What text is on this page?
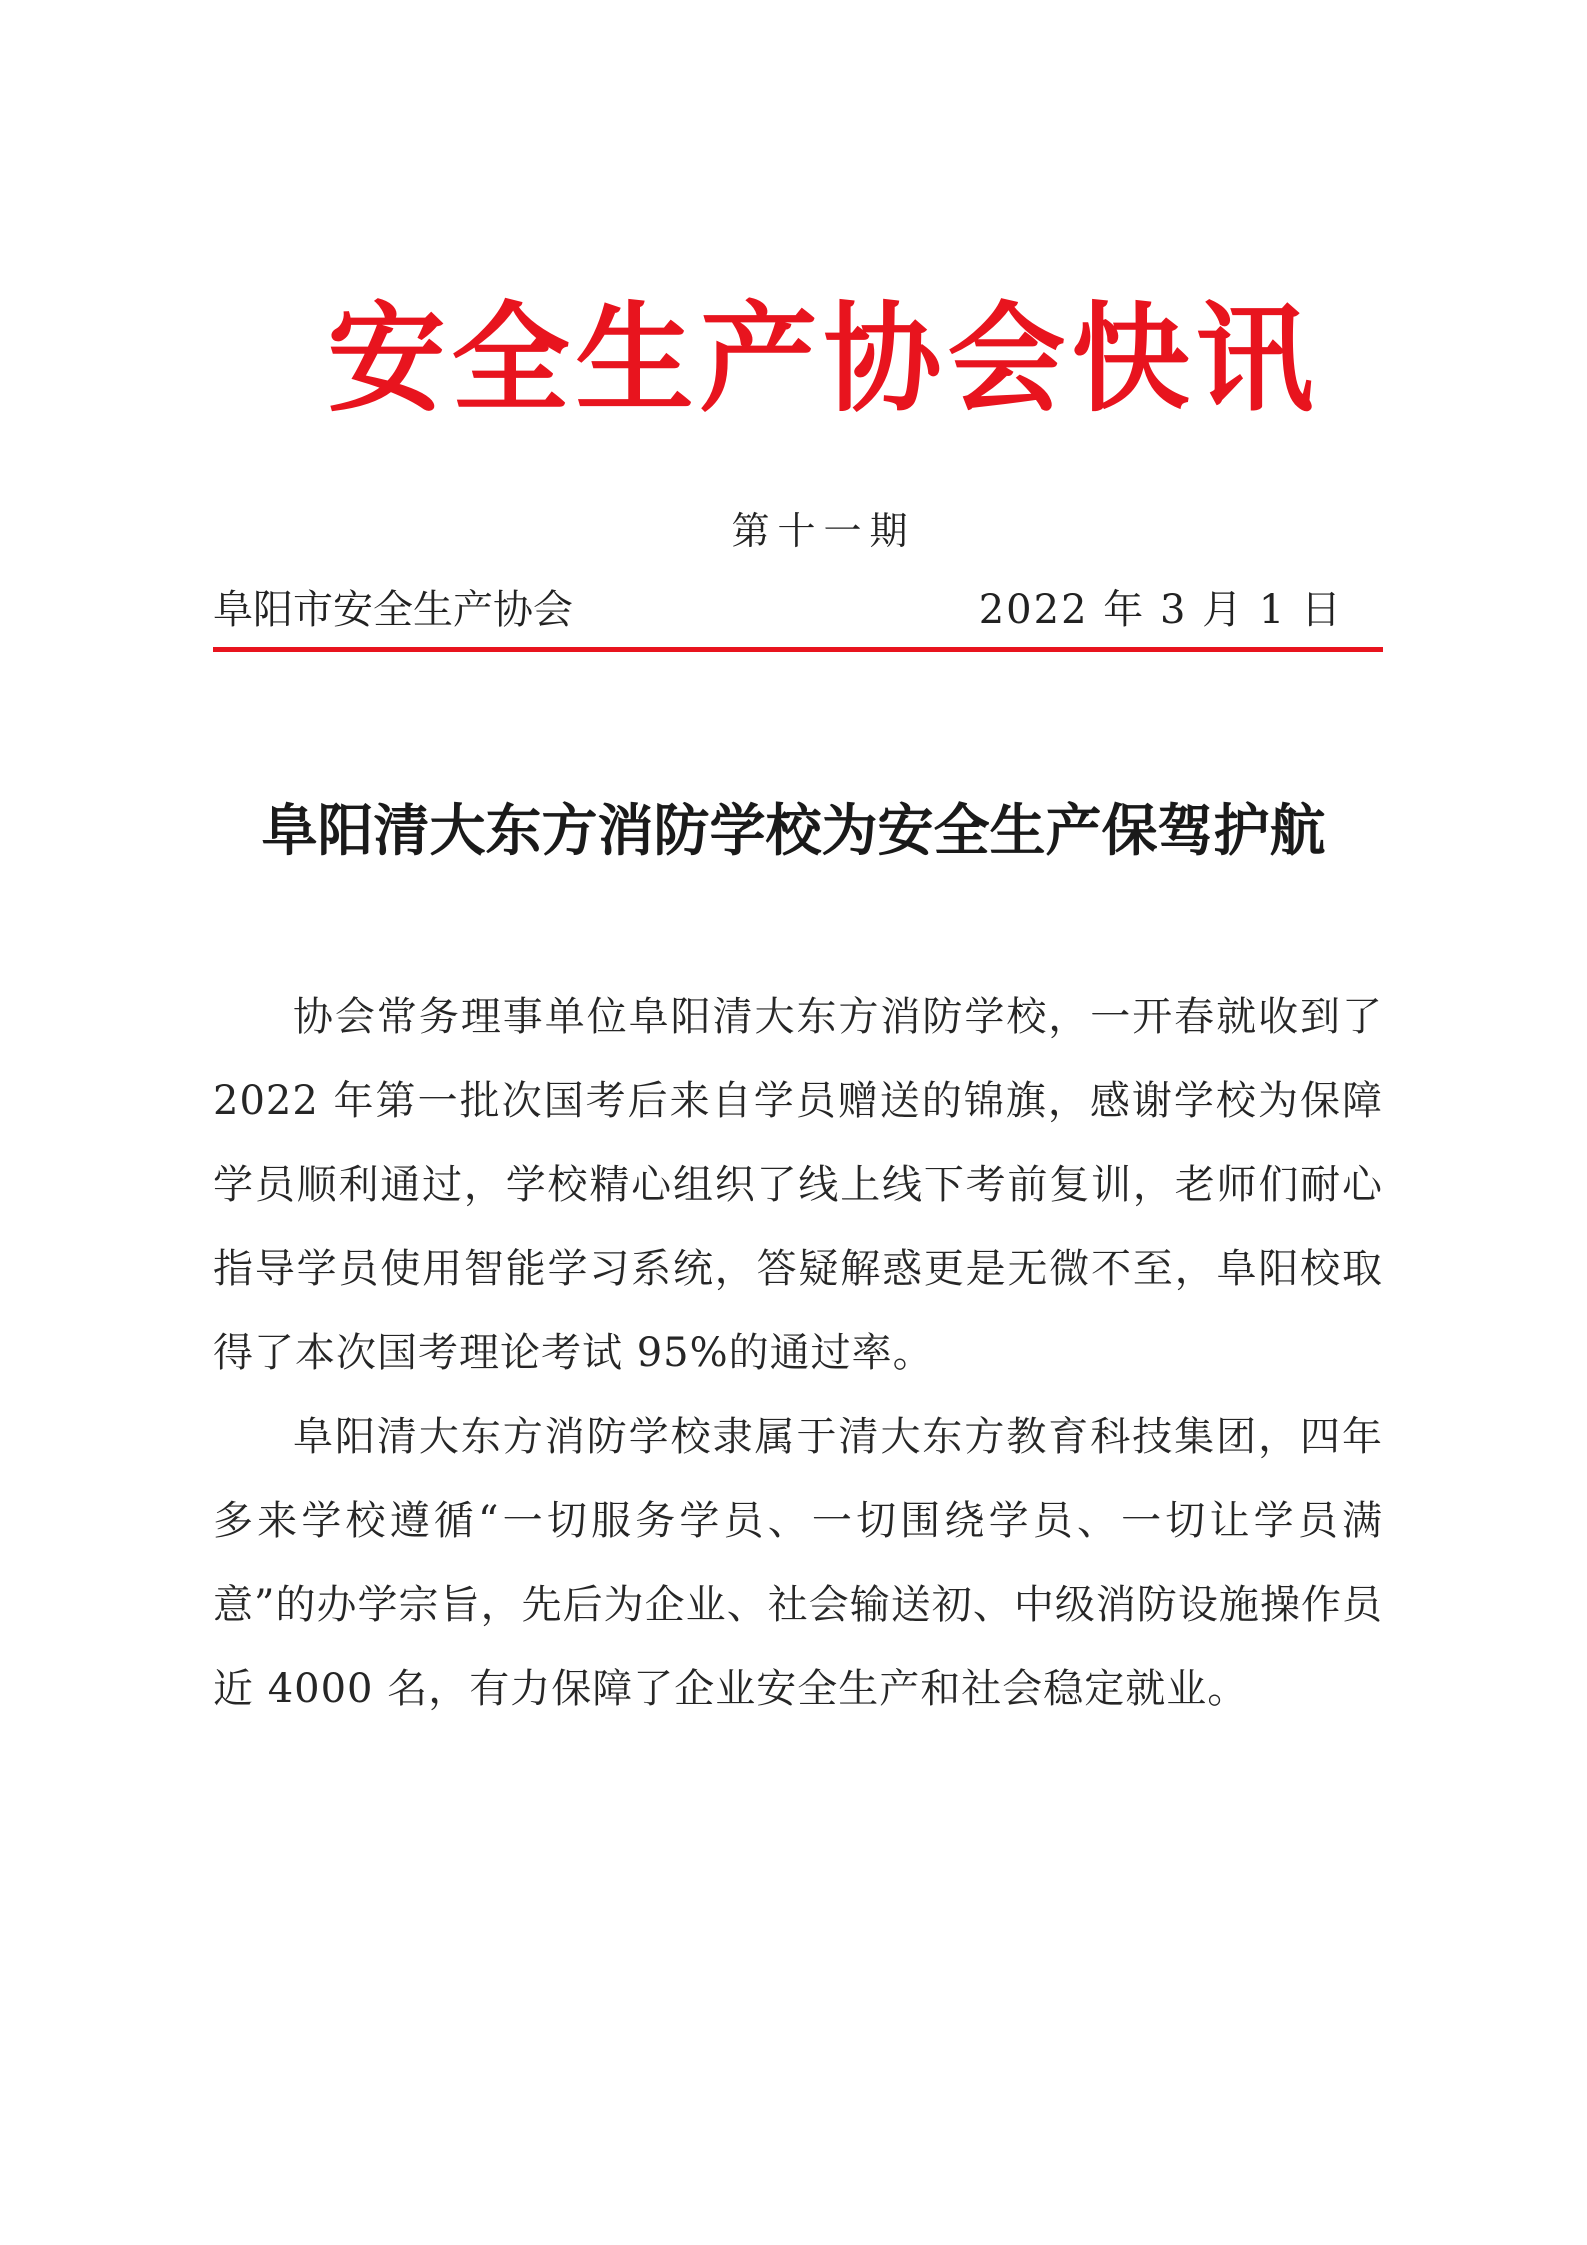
安全生产协会快讯
第十一期
阜阳市安全生产协会	2022 年 3 月 1 日
阜阳清大东方消防学校为安全生产保驾护航

协会常务理事单位阜阳清大东方消防学校，一开春就收到了 2022 年第一批次国考后来自学员赠送的锦旗，感谢学校为保障学员顺利通过，学校精心组织了线上线下考前复训，老师们耐心指导学员使用智能学习系统，答疑解惑更是无微不至，阜阳校取得了本次国考理论考试 95%的通过率。

阜阳清大东方消防学校隶属于清大东方教育科技集团，四年多来学校遵循“一切服务学员、一切围绕学员、一切让学员满意”的办学宗旨，先后为企业、社会输送初、中级消防设施操作员近 4000 名，有力保障了企业安全生产和社会稳定就业。
